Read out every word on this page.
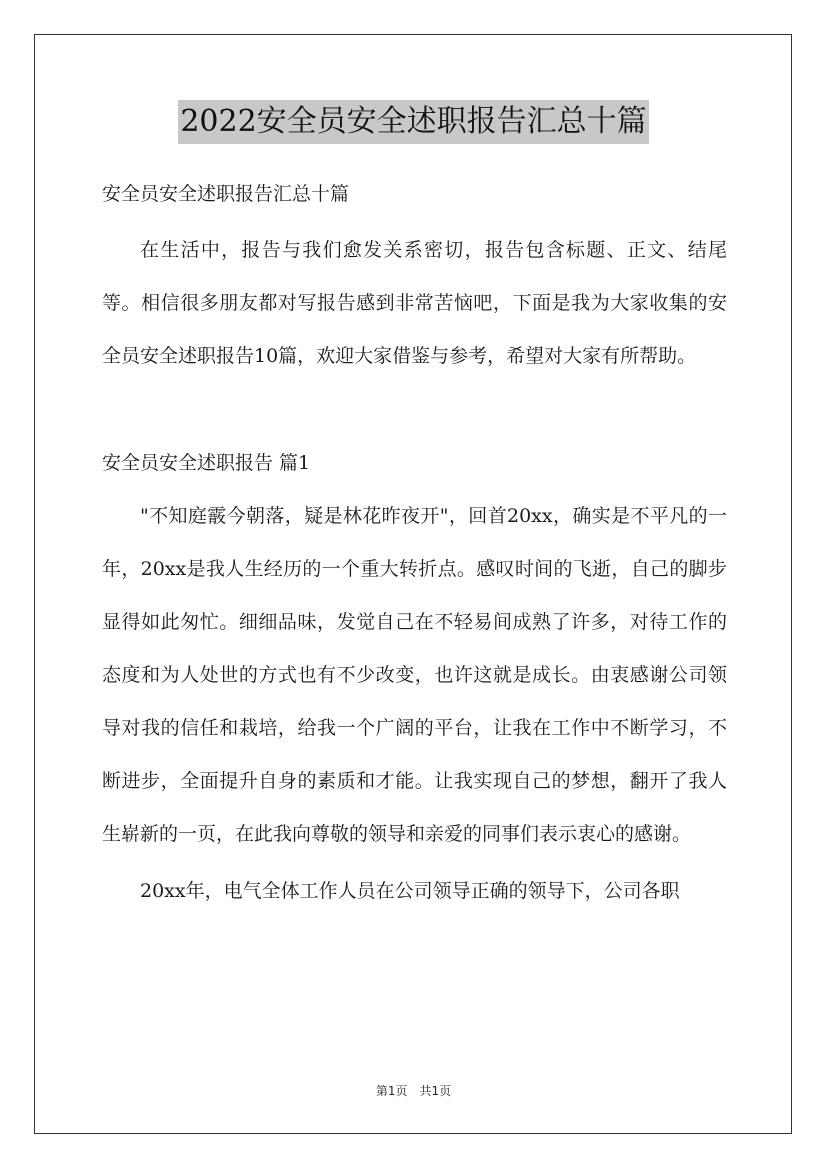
2022安全员安全述职报告汇总十篇

安全员安全述职报告汇总十篇

在生活中，报告与我们愈发关系密切，报告包含标题、正文、结尾等。相信很多朋友都对写报告感到非常苦恼吧，下面是我为大家收集的安全员安全述职报告10篇，欢迎大家借鉴与参考，希望对大家有所帮助。

安全员安全述职报告 篇1

"不知庭霰今朝落，疑是林花昨夜开"，回首20xx，确实是不平凡的一年，20xx是我人生经历的一个重大转折点。感叹时间的飞逝，自己的脚步显得如此匆忙。细细品味，发觉自己在不轻易间成熟了许多，对待工作的态度和为人处世的方式也有不少改变，也许这就是成长。由衷感谢公司领导对我的信任和栽培，给我一个广阔的平台，让我在工作中不断学习，不断进步，全面提升自身的素质和才能。让我实现自己的梦想，翻开了我人生崭新的一页，在此我向尊敬的领导和亲爱的同事们表示衷心的感谢。

20xx年，电气全体工作人员在公司领导正确的领导下，公司各职

第1页 共1页
